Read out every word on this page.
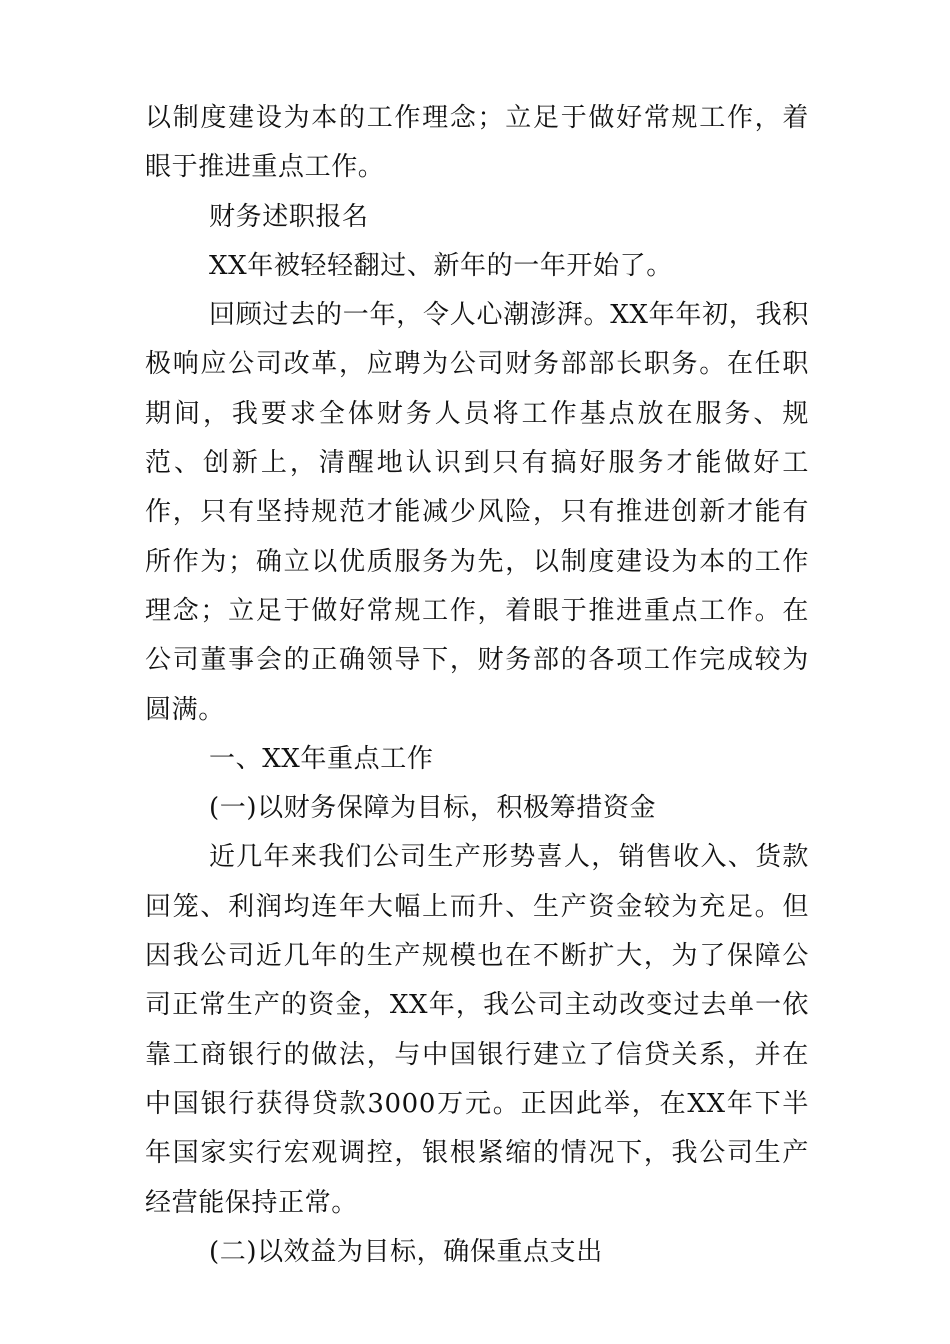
以制度建设为本的工作理念；立足于做好常规工作，着眼于推进重点工作。

财务述职报名

XX年被轻轻翻过、新年的一年开始了。

回顾过去的一年，令人心潮澎湃。XX年年初，我积极响应公司改革，应聘为公司财务部部长职务。在任职期间，我要求全体财务人员将工作基点放在服务、规范、创新上，清醒地认识到只有搞好服务才能做好工作，只有坚持规范才能减少风险，只有推进创新才能有所作为；确立以优质服务为先，以制度建设为本的工作理念；立足于做好常规工作，着眼于推进重点工作。在公司董事会的正确领导下，财务部的各项工作完成较为圆满。

一、XX年重点工作

(一)以财务保障为目标，积极筹措资金

近几年来我们公司生产形势喜人，销售收入、货款回笼、利润均连年大幅上而升、生产资金较为充足。但因我公司近几年的生产规模也在不断扩大，为了保障公司正常生产的资金，XX年，我公司主动改变过去单一依靠工商银行的做法，与中国银行建立了信贷关系，并在中国银行获得贷款3000万元。正因此举，在XX年下半年国家实行宏观调控，银根紧缩的情况下，我公司生产经营能保持正常。

(二)以效益为目标，确保重点支出
